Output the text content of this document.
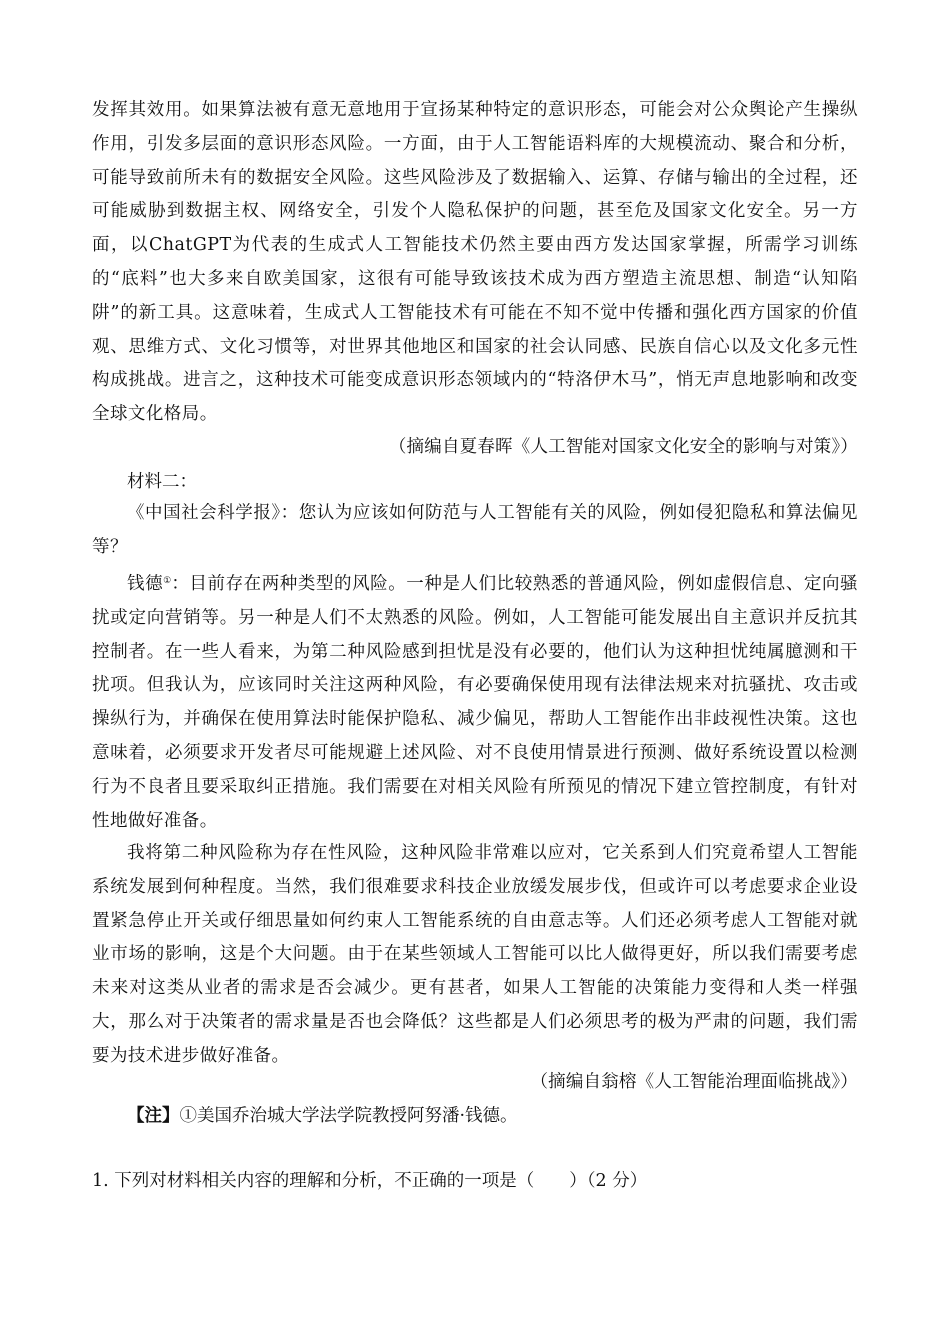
发挥其效用。如果算法被有意无意地用于宣扬某种特定的意识形态，可能会对公众舆论产生操纵作用，引发多层面的意识形态风险。一方面，由于人工智能语料库的大规模流动、聚合和分析，可能导致前所未有的数据安全风险。这些风险涉及了数据输入、运算、存储与输出的全过程，还可能威胁到数据主权、网络安全，引发个人隐私保护的问题，甚至危及国家文化安全。另一方面，以ChatGPT为代表的生成式人工智能技术仍然主要由西方发达国家掌握，所需学习训练的“底料”也大多来自欧美国家，这很有可能导致该技术成为西方塑造主流思想、制造“认知陷阱”的新工具。这意味着，生成式人工智能技术有可能在不知不觉中传播和强化西方国家的价值观、思维方式、文化习惯等，对世界其他地区和国家的社会认同感、民族自信心以及文化多元性构成挑战。进言之，这种技术可能变成意识形态领域内的“特洛伊木马”，悄无声息地影响和改变全球文化格局。

（摘编自夏春晖《人工智能对国家文化安全的影响与对策》）
材料二：

《中国社会科学报》：您认为应该如何防范与人工智能有关的风险，例如侵犯隐私和算法偏见等？

钱德①：目前存在两种类型的风险。一种是人们比较熟悉的普通风险，例如虚假信息、定向骚扰或定向营销等。另一种是人们不太熟悉的风险。例如，人工智能可能发展出自主意识并反抗其控制者。在一些人看来，为第二种风险感到担忧是没有必要的，他们认为这种担忧纯属臆测和干扰项。但我认为，应该同时关注这两种风险，有必要确保使用现有法律法规来对抗骚扰、攻击或操纵行为，并确保在使用算法时能保护隐私、减少偏见，帮助人工智能作出非歧视性决策。这也意味着，必须要求开发者尽可能规避上述风险、对不良使用情景进行预测、做好系统设置以检测行为不良者且要采取纠正措施。我们需要在对相关风险有所预见的情况下建立管控制度，有针对性地做好准备。

我将第二种风险称为存在性风险，这种风险非常难以应对，它关系到人们究竟希望人工智能系统发展到何种程度。当然，我们很难要求科技企业放缓发展步伐，但或许可以考虑要求企业设置紧急停止开关或仔细思量如何约束人工智能系统的自由意志等。人们还必须考虑人工智能对就业市场的影响，这是个大问题。由于在某些领域人工智能可以比人做得更好，所以我们需要考虑未来对这类从业者的需求是否会减少。更有甚者，如果人工智能的决策能力变得和人类一样强大，那么对于决策者的需求量是否也会降低？这些都是人们必须思考的极为严肃的问题，我们需要为技术进步做好准备。

（摘编自翁榕《人工智能治理面临挑战》）
【注】①美国乔治城大学法学院教授阿努潘·钱德。
1. 下列对材料相关内容的理解和分析，不正确的一项是（　　）（2 分）
